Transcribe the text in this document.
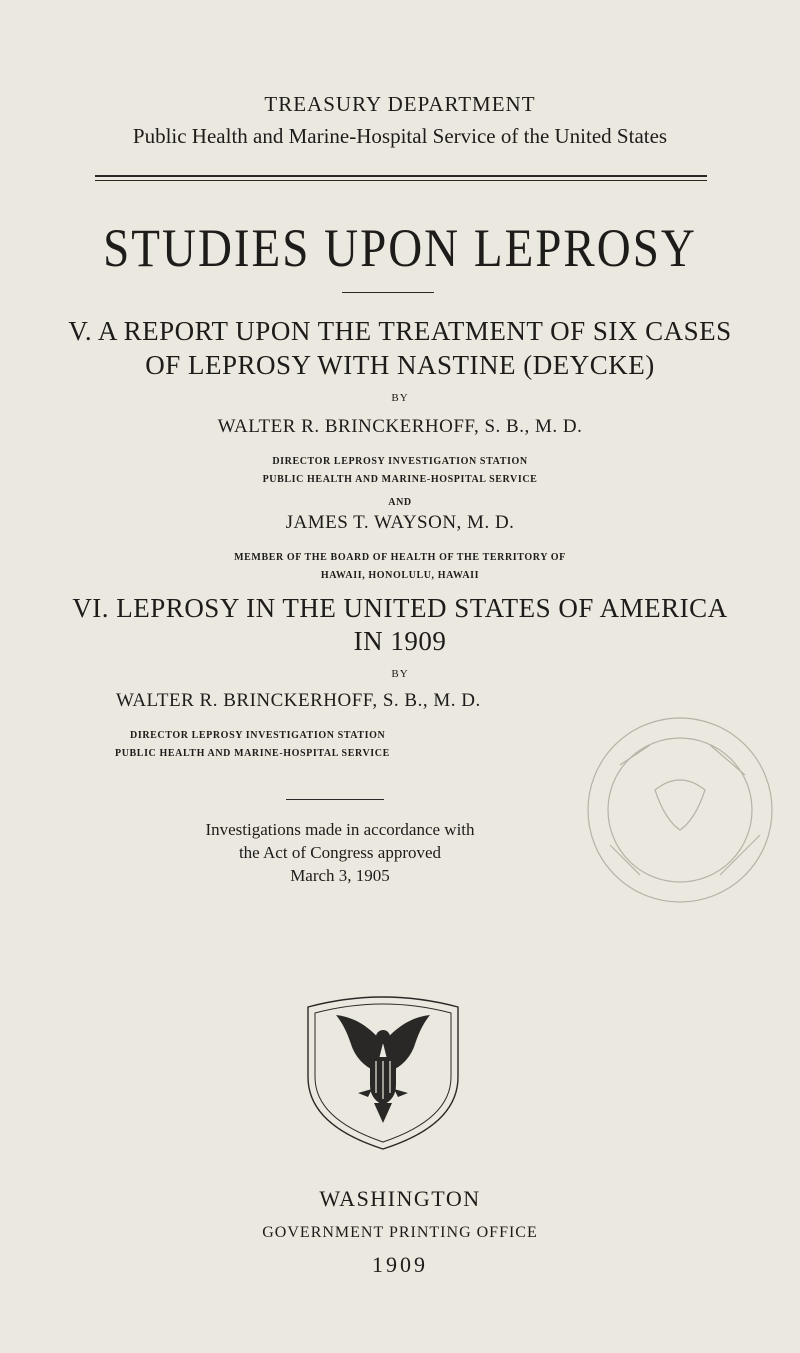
TREASURY DEPARTMENT
Public Health and Marine-Hospital Service of the United States
STUDIES UPON LEPROSY
V. A REPORT UPON THE TREATMENT OF SIX CASES
OF LEPROSY WITH NASTINE (DEYCKE)
BY
WALTER R. BRINCKERHOFF, S. B., M. D.
DIRECTOR LEPROSY INVESTIGATION STATION
PUBLIC HEALTH AND MARINE-HOSPITAL SERVICE
AND
JAMES T. WAYSON, M. D.
MEMBER OF THE BOARD OF HEALTH OF THE TERRITORY OF
HAWAII, HONOLULU, HAWAII
VI. LEPROSY IN THE UNITED STATES OF AMERICA
IN 1909
BY
WALTER R. BRINCKERHOFF, S. B., M. D.
DIRECTOR LEPROSY INVESTIGATION STATION
PUBLIC HEALTH AND MARINE-HOSPITAL SERVICE
Investigations made in accordance with
the Act of Congress approved
March 3, 1905
WASHINGTON
GOVERNMENT PRINTING OFFICE
1909
